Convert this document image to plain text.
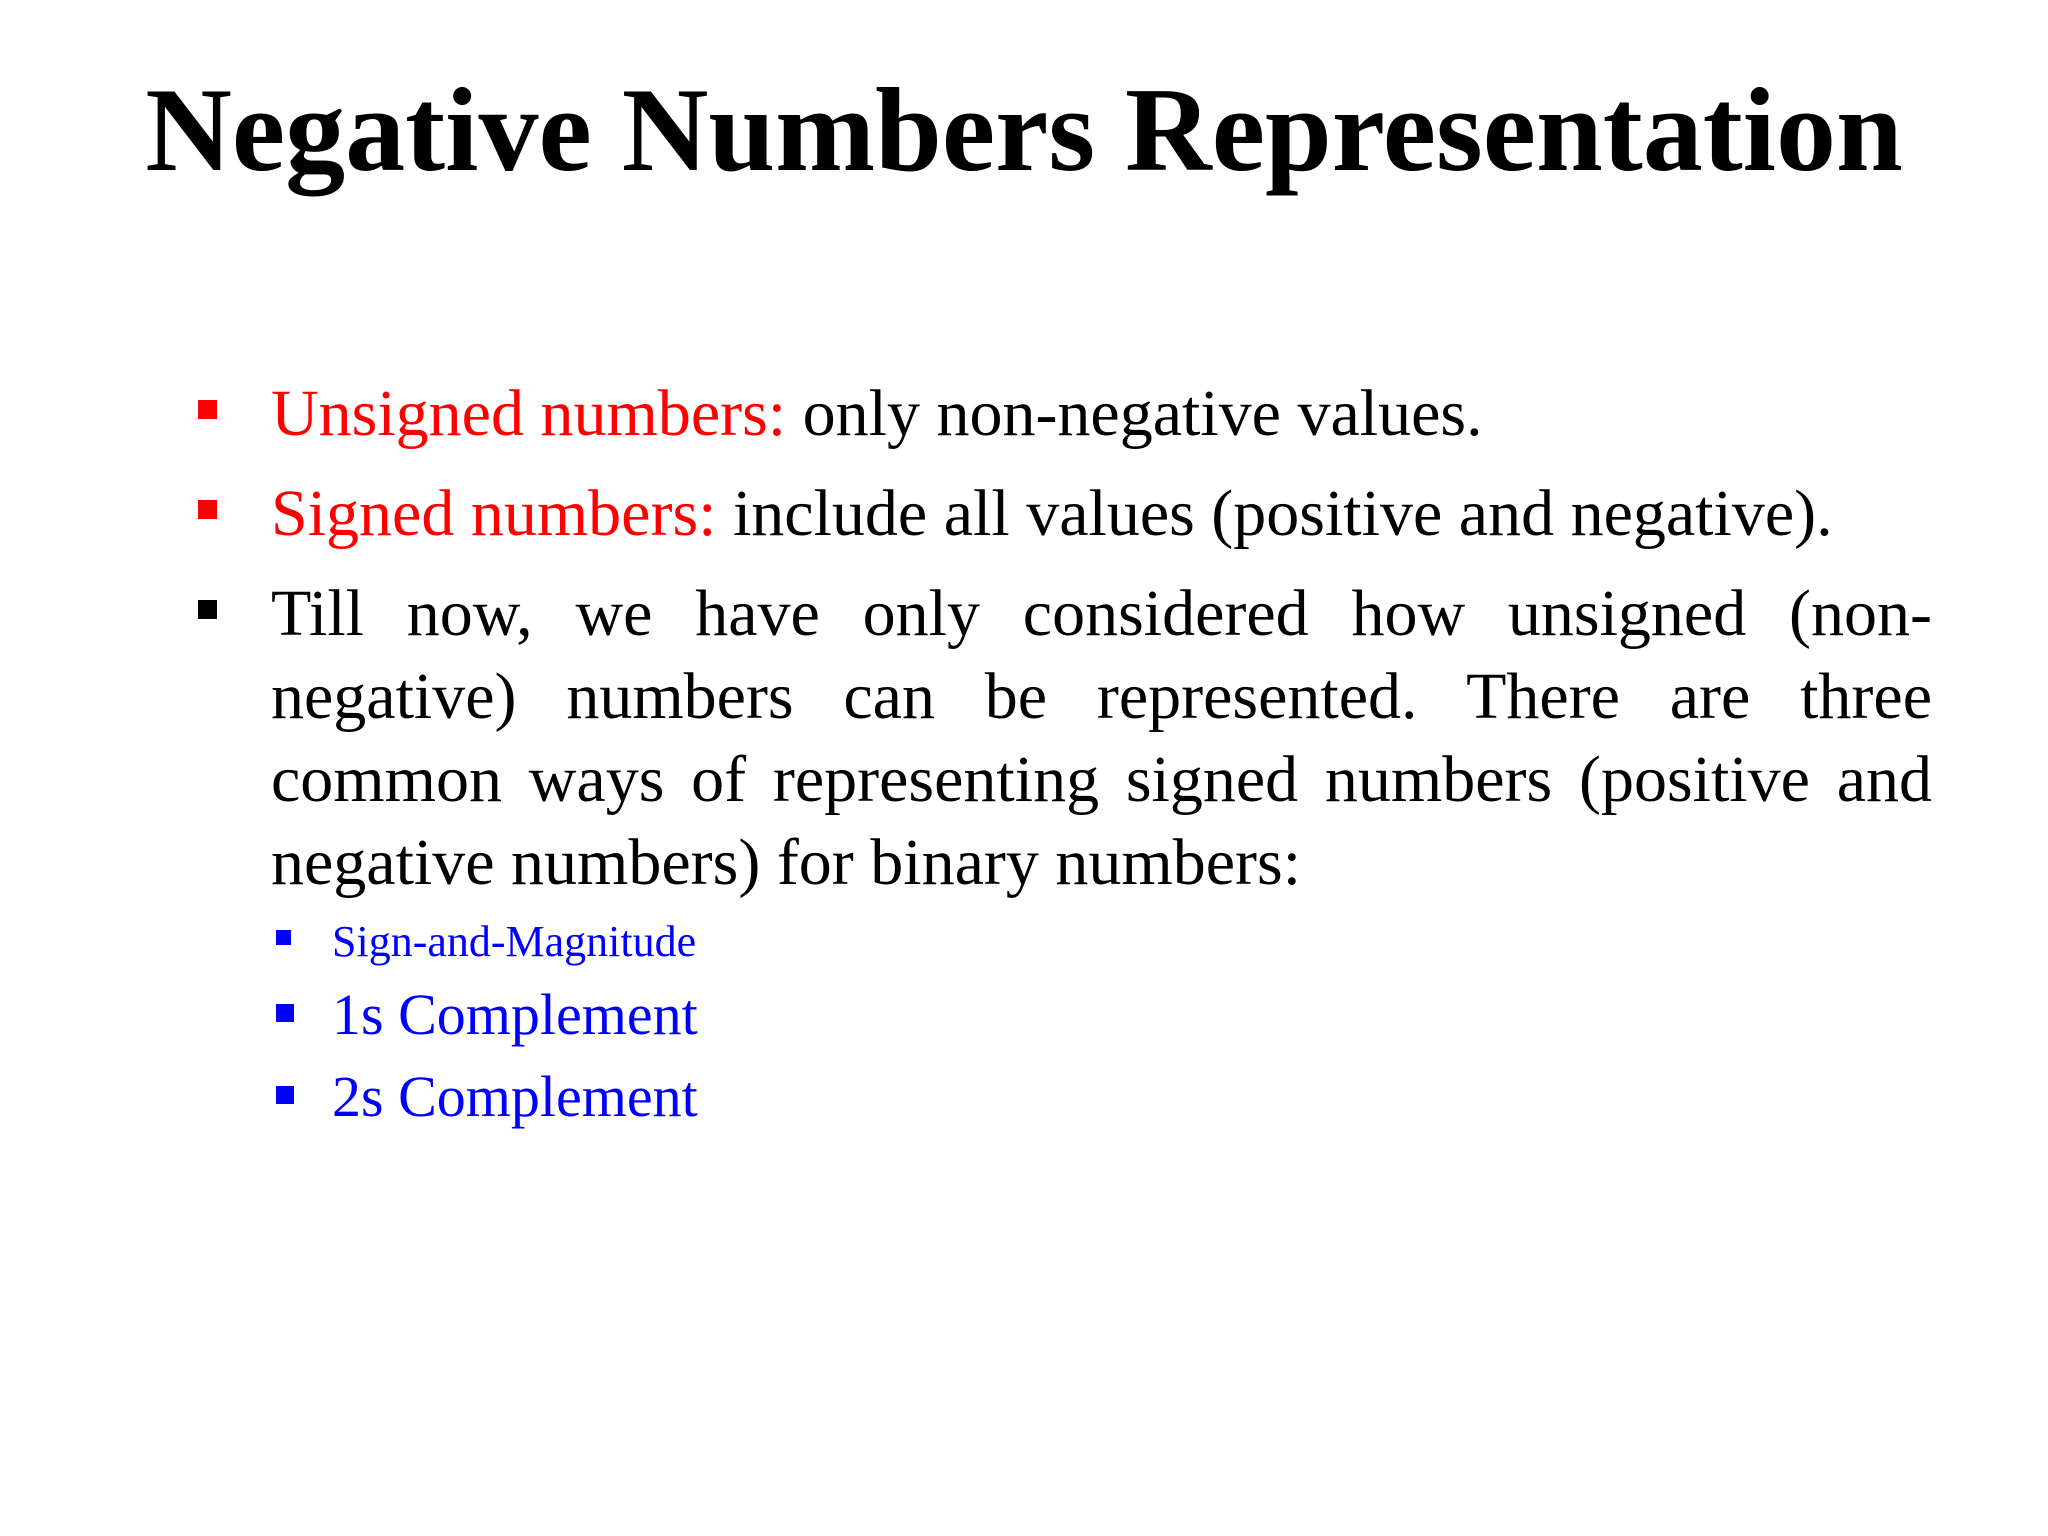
Negative Numbers Representation
Unsigned numbers: only non-negative values.
Signed numbers: include all values (positive and negative).
Till now, we have only considered how unsigned (non-negative) numbers can be represented. There are three common ways of representing signed numbers (positive and negative numbers) for binary numbers:
Sign-and-Magnitude
1s Complement
2s Complement
